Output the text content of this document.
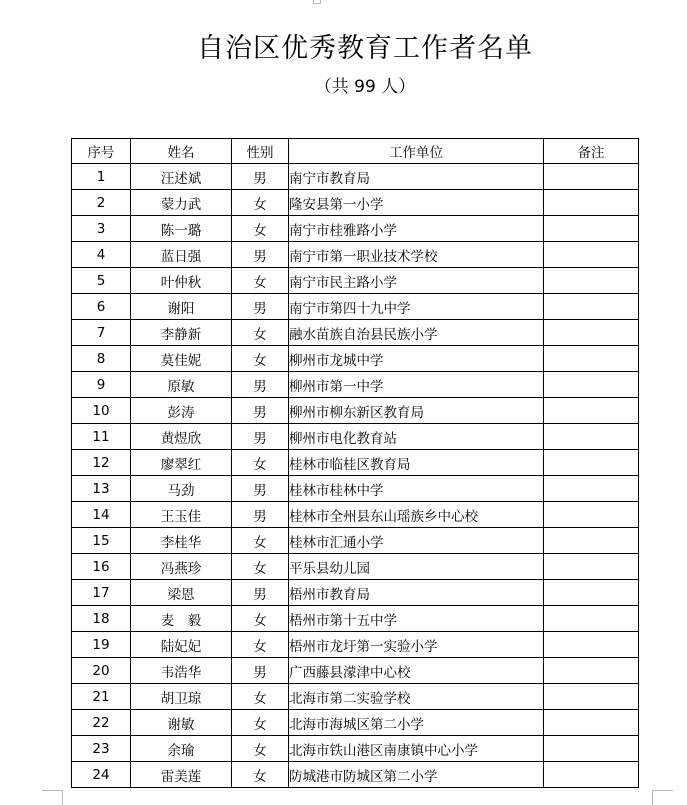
自治区优秀教育工作者名单
（共 99 人）
序号	姓名	性别	工作单位	备注
1	汪述斌	男	南宁市教育局	
2	蒙力武	女	隆安县第一小学	
3	陈一璐	女	南宁市桂雅路小学	
4	蓝日强	男	南宁市第一职业技术学校	
5	叶仲秋	女	南宁市民主路小学	
6	谢阳	男	南宁市第四十九中学	
7	李静新	女	融水苗族自治县民族小学	
8	莫佳妮	女	柳州市龙城中学	
9	原敏	男	柳州市第一中学	
10	彭涛	男	柳州市柳东新区教育局	
11	黄煜欣	男	柳州市电化教育站	
12	廖翠红	女	桂林市临桂区教育局	
13	马劲	男	桂林市桂林中学	
14	王玉佳	男	桂林市全州县东山瑶族乡中心校	
15	李桂华	女	桂林市汇通小学	
16	冯燕珍	女	平乐县幼儿园	
17	梁恩	男	梧州市教育局	
18	麦　毅	女	梧州市第十五中学	
19	陆妃妃	女	梧州市龙圩第一实验小学	
20	韦浩华	男	广西藤县濛津中心校	
21	胡卫琼	女	北海市第二实验学校	
22	谢敏	女	北海市海城区第二小学	
23	余瑜	女	北海市铁山港区南康镇中心小学	
24	雷美莲	女	防城港市防城区第二小学	
